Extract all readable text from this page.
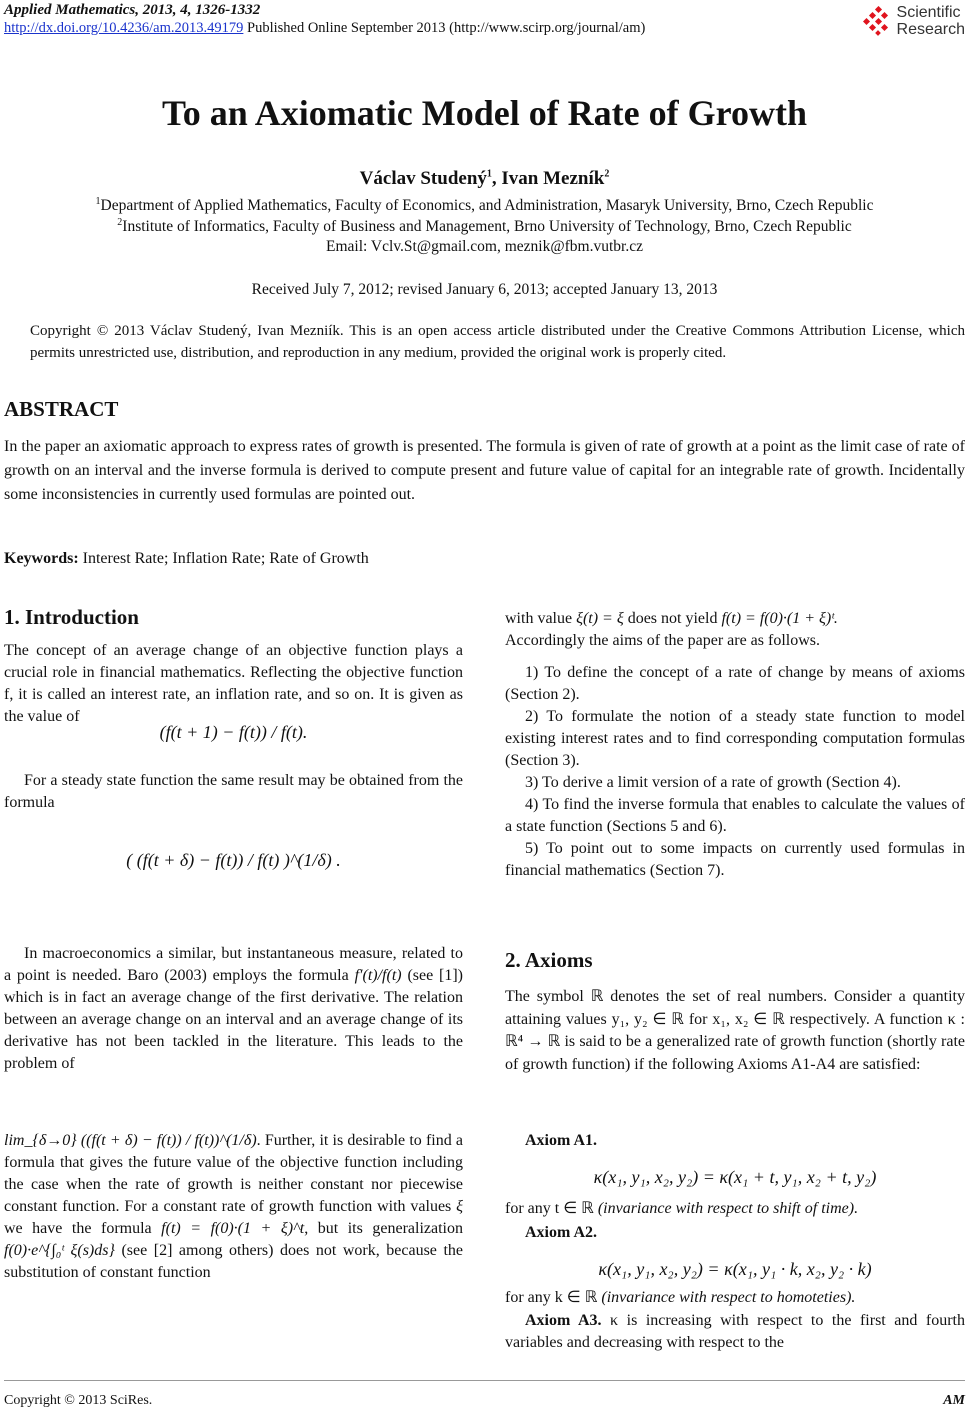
Applied Mathematics, 2013, 4, 1326-1332
http://dx.doi.org/10.4236/am.2013.49179 Published Online September 2013 (http://www.scirp.org/journal/am)
Scientific
Research
To an Axiomatic Model of Rate of Growth
Václav Studený$^1$, Ivan Mezník$^2$
$^1$Department of Applied Mathematics, Faculty of Economics, and Administration, Masaryk University, Brno, Czech Republic
$^2$Institute of Informatics, Faculty of Business and Management, Brno University of Technology, Brno, Czech Republic
Email: Vclv.St@gmail.com, meznik@fbm.vutbr.cz
Received July 7, 2012; revised January 6, 2013; accepted January 13, 2013
Copyright © 2013 Václav Studený, Ivan Mezniík. This is an open access article distributed under the Creative Commons Attribution License, which permits unrestricted use, distribution, and reproduction in any medium, provided the original work is properly cited.
ABSTRACT
In the paper an axiomatic approach to express rates of growth is presented. The formula is given of rate of growth at a point as the limit case of rate of growth on an interval and the inverse formula is derived to compute present and future value of capital for an integrable rate of growth. Incidentally some inconsistencies in currently used formulas are pointed out.
Keywords: Interest Rate; Inflation Rate; Rate of Growth
1. Introduction
The concept of an average change of an objective function plays a crucial role in financial mathematics. Reflecting the objective function f, it is called an interest rate, an inflation rate, and so on. It is given as the value of
(f(t + 1) − f(t)) / f(t).
For a steady state function the same result may be obtained from the formula
( (f(t + δ) − f(t)) / f(t) )^(1/δ) .
In macroeconomics a similar, but instantaneous measure, related to a point is needed. Baro (2003) employs the formula f′(t)/f(t) (see [1]) which is in fact an average change of the first derivative. The relation between an average change on an interval and an average change of its derivative has not been tackled in the literature. This leads to the problem of
lim_{δ→0} ((f(t + δ) − f(t)) / f(t))^(1/δ). Further, it is desirable to find a formula that gives the future value of the objective function including the case when the rate of growth is neither constant nor piecewise constant function. For a constant rate of growth function with values ξ we have the formula f(t) = f(0)·(1 + ξ)^t, but its generalization f(0)·e^{∫₀ᵗ ξ(s)ds} (see [2] among others) does not work, because the substitution of constant function
with value ξ(t) = ξ does not yield f(t) = f(0)·(1 + ξ)ᵗ.
Accordingly the aims of the paper are as follows.
1) To define the concept of a rate of change by means of axioms (Section 2).
2) To formulate the notion of a steady state function to model existing interest rates and to find corresponding computation formulas (Section 3).
3) To derive a limit version of a rate of growth (Section 4).
4) To find the inverse formula that enables to calculate the values of a state function (Sections 5 and 6).
5) To point out to some impacts on currently used formulas in financial mathematics (Section 7).
2. Axioms
The symbol ℝ denotes the set of real numbers. Consider a quantity attaining values y₁, y₂ ∈ ℝ for x₁, x₂ ∈ ℝ respectively. A function κ : ℝ⁴ → ℝ is said to be a generalized rate of growth function (shortly rate of growth function) if the following Axioms A1-A4 are satisfied:
Axiom A1.
κ(x₁, y₁, x₂, y₂) = κ(x₁ + t, y₁, x₂ + t, y₂)
for any t ∈ ℝ (invariance with respect to shift of time).
Axiom A2.
κ(x₁, y₁, x₂, y₂) = κ(x₁, y₁ · k, x₂, y₂ · k)
for any k ∈ ℝ (invariance with respect to homoteties).
Axiom A3. κ is increasing with respect to the first and fourth variables and decreasing with respect to the
Copyright © 2013 SciRes.	AM
